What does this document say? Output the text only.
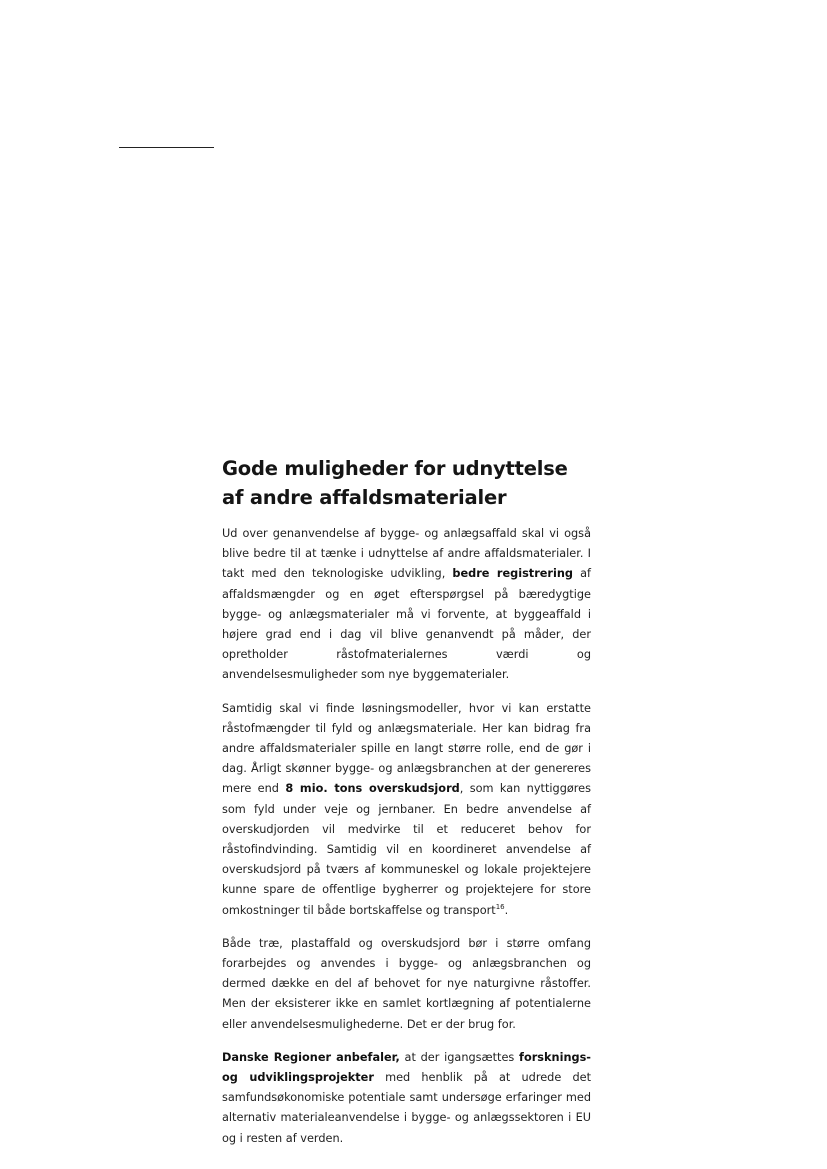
Gode muligheder for udnyttelse af andre affaldsmaterialer

Ud over genanvendelse af bygge- og anlægsaffald skal vi også blive bedre til at tænke i udnyttelse af andre affaldsmaterialer. I takt med den teknologiske udvikling, bedre registrering af affaldsmængder og en øget efterspørgsel på bæredygtige bygge- og anlægsmaterialer må vi forvente, at byggeaffald i højere grad end i dag vil blive genanvendt på måder, der opretholder råstofmaterialernes værdi og anvendelsesmuligheder som nye byggematerialer.

Samtidig skal vi finde løsningsmodeller, hvor vi kan erstatte råstofmængder til fyld og anlægsmateriale. Her kan bidrag fra andre affaldsmaterialer spille en langt større rolle, end de gør i dag. Årligt skønner bygge- og anlægsbranchen at der genereres mere end 8 mio. tons overskudsjord, som kan nyttiggøres som fyld under veje og jernbaner. En bedre anvendelse af overskudjorden vil medvirke til et reduceret behov for råstofindvinding. Samtidig vil en koordineret anvendelse af overskudsjord på tværs af kommuneskel og lokale projektejere kunne spare de offentlige bygherrer og projektejere for store omkostninger til både bortskaffelse og transport$^{16}$.

Både træ, plastaffald og overskudsjord bør i større omfang forarbejdes og anvendes i bygge- og anlægsbranchen og dermed dække en del af behovet for nye naturgivne råstoffer. Men der eksisterer ikke en samlet kortlægning af potentialerne eller anvendelsesmulighederne. Det er der brug for.

Danske Regioner anbefaler, at der igangsættes forsknings- og udviklingsprojekter med henblik på at udrede det samfundsøkonomiske potentiale samt undersøge erfaringer med alternativ materialeanvendelse i bygge- og anlægssektoren i EU og i resten af verden.
